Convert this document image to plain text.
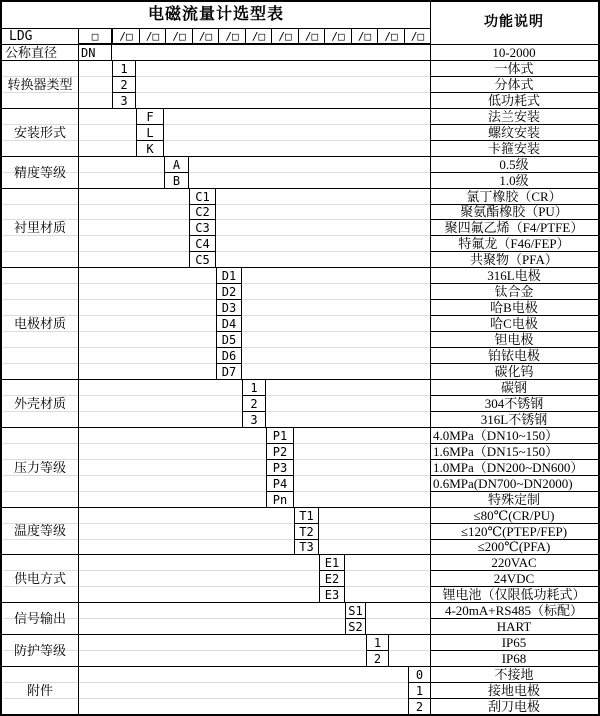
电磁流量计选型表	功能说明
LDG	□	/□	/□	/□	/□	/□	/□	/□	/□	/□	/□	/□	/□
公称直径	DN	10-2000
转换器类型
1	一体式
2	分体式
3	低功耗式
安装形式
F	法兰安装
L	螺纹安装
K	卡箍安装
精度等级	A	0.5级
B	1.0级
衬里材质
C1	氯丁橡胶（CR）
C2	聚氨酯橡胶（PU）
C3	聚四氟乙烯（F4/PTFE）
C4	特氟龙（F46/FEP）
C5	共聚物（PFA）
电极材质
D1	316L电极
D2	钛合金
D3	哈B电极
D4	哈C电极
D5	钽电极
D6	铂铱电极
D7	碳化钨
外壳材质
1	碳钢
2	304不锈钢
3	316L不锈钢
压力等级
P1	4.0MPa（DN10~150）
P2	1.6MPa（DN15~150）
P3	1.0MPa（DN200~DN600）
P4	0.6MPa(DN700~DN2000)
Pn	特殊定制
温度等级
T1	≤80℃(CR/PU)
T2	≤120℃(PTEP/FEP)
T3	≤200℃(PFA)
供电方式
E1	220VAC
E2	24VDC
E3	锂电池（仅限低功耗式）
信号输出	S1	4-20mA+RS485（标配）
S2	HART
防护等级	1	IP65
2	IP68
附件
0	不接地
1	接地电极
2	刮刀电极
